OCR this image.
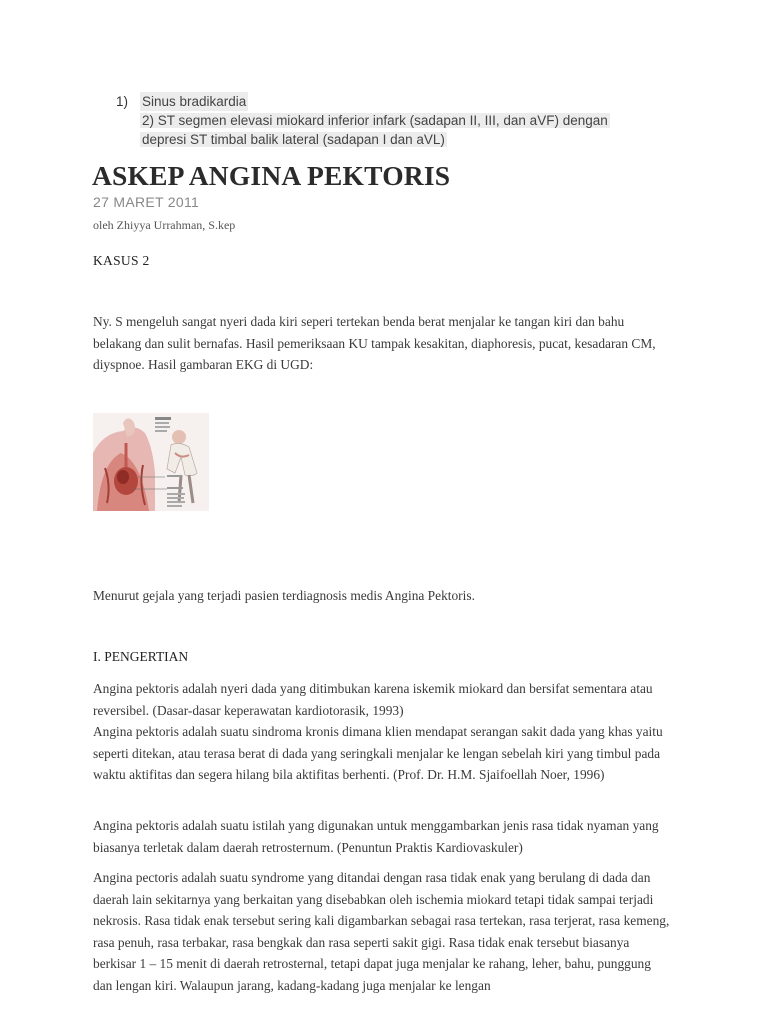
1)	Sinus bradikardia
2) ST segmen elevasi miokard inferior infark (sadapan II, III, dan aVF) dengan
depresi ST timbal balik lateral (sadapan I dan aVL)
ASKEP ANGINA PEKTORIS
27 MARET 2011
oleh Zhiyya Urrahman, S.kep
KASUS 2

Ny. S mengeluh sangat nyeri dada kiri seperi tertekan benda berat menjalar ke tangan kiri dan bahu belakang dan sulit bernafas. Hasil pemeriksaan KU tampak kesakitan, diaphoresis, pucat, kesadaran CM, diyspnoe. Hasil gambaran EKG di UGD:

Menurut gejala yang terjadi pasien terdiagnosis medis Angina Pektoris.

I. PENGERTIAN
Angina pektoris adalah nyeri dada yang ditimbukan karena iskemik miokard dan bersifat sementara atau reversibel. (Dasar-dasar keperawatan kardiotorasik, 1993)
Angina pektoris adalah suatu sindroma kronis dimana klien mendapat serangan sakit dada yang khas yaitu seperti ditekan, atau terasa berat di dada yang seringkali menjalar ke lengan sebelah kiri yang timbul pada waktu aktifitas dan segera hilang bila aktifitas berhenti. (Prof. Dr. H.M. Sjaifoellah Noer, 1996)

Angina pektoris adalah suatu istilah yang digunakan untuk menggambarkan jenis rasa tidak nyaman yang biasanya terletak dalam daerah retrosternum. (Penuntun Praktis Kardiovaskuler)

Angina pectoris adalah suatu syndrome yang ditandai dengan rasa tidak enak yang berulang di dada dan daerah lain sekitarnya yang berkaitan yang disebabkan oleh ischemia miokard tetapi tidak sampai terjadi nekrosis. Rasa tidak enak tersebut sering kali digambarkan sebagai rasa tertekan, rasa terjerat, rasa kemeng, rasa penuh, rasa terbakar, rasa bengkak dan rasa seperti sakit gigi. Rasa tidak enak tersebut biasanya berkisar 1 – 15 menit di daerah retrosternal, tetapi dapat juga menjalar ke rahang, leher, bahu, punggung dan lengan kiri. Walaupun jarang, kadang-kadang juga menjalar ke lengan
